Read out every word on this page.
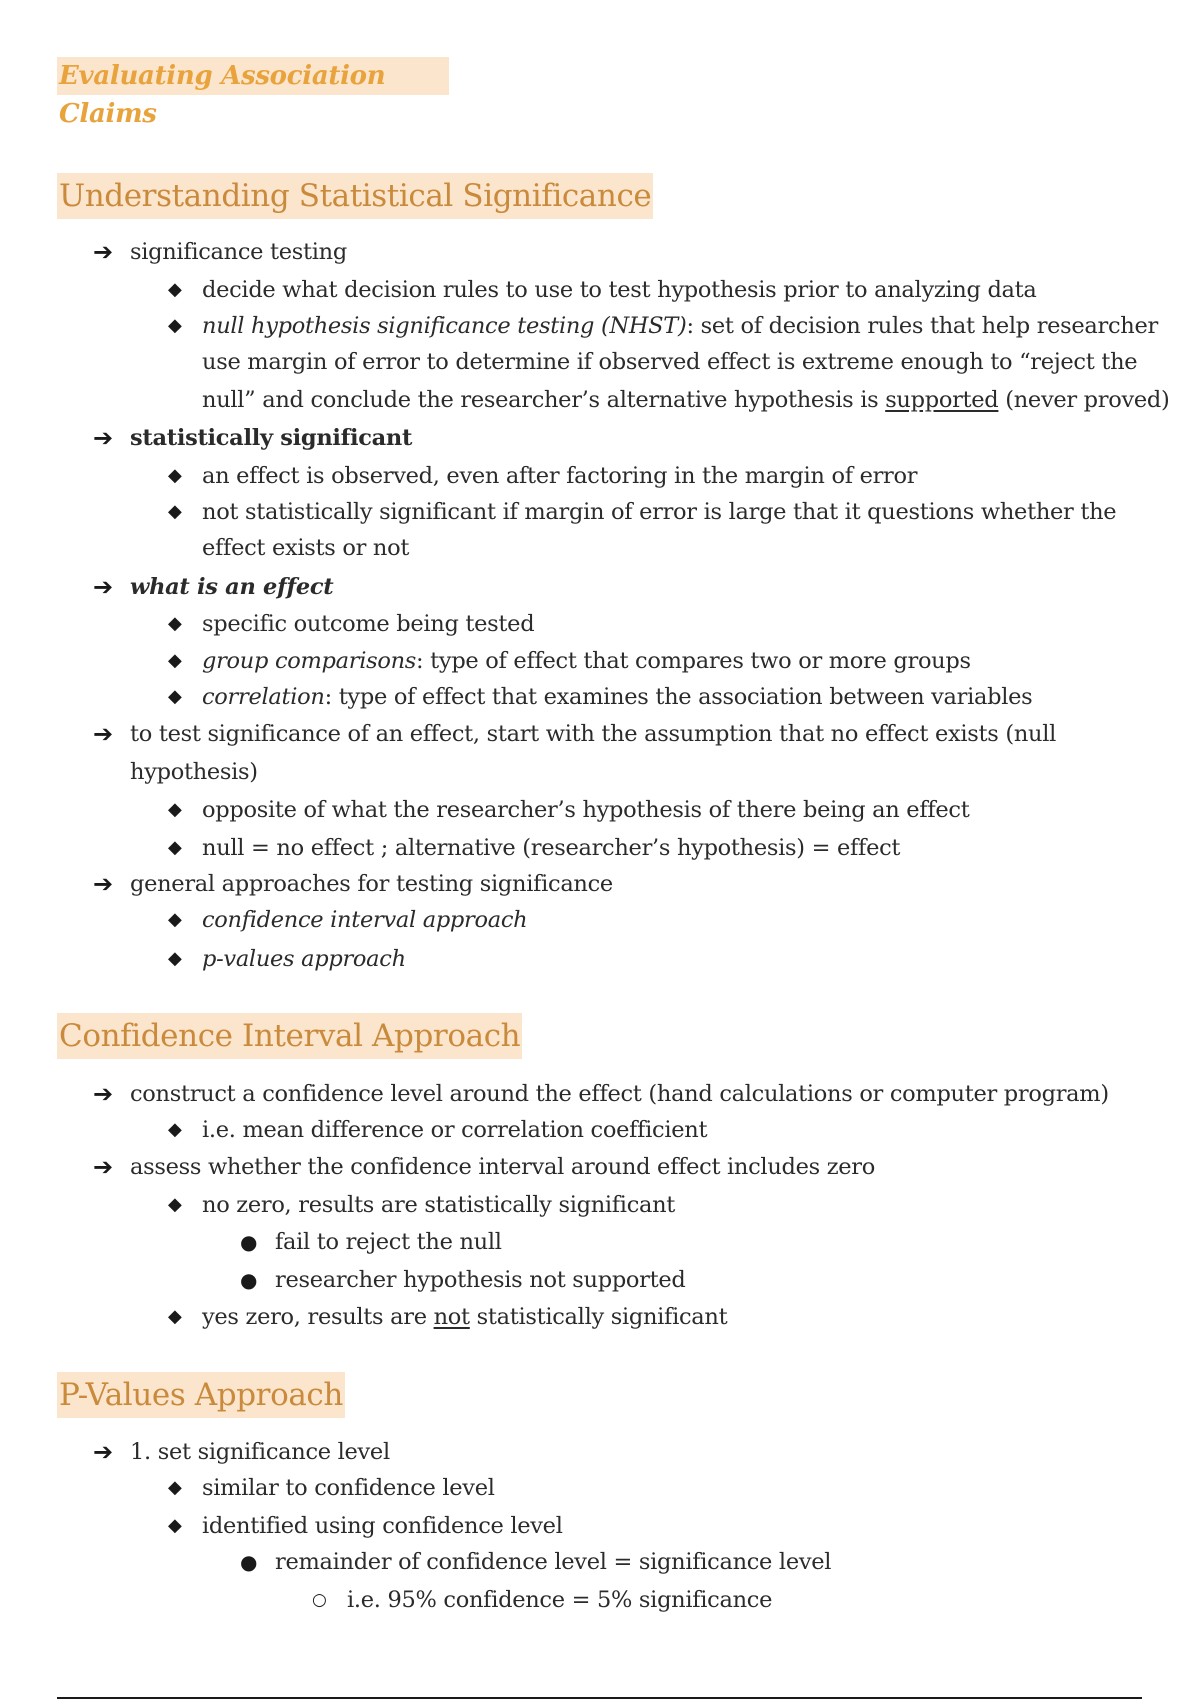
Evaluating Association Claims
Understanding Statistical Significance
➔ significance testing
◆ decide what decision rules to use to test hypothesis prior to analyzing data
◆ null hypothesis significance testing (NHST): set of decision rules that help researcher
use margin of error to determine if observed effect is extreme enough to “reject the
null” and conclude the researcher’s alternative hypothesis is supported (never proved)
➔ statistically significant
◆ an effect is observed, even after factoring in the margin of error
◆ not statistically significant if margin of error is large that it questions whether the
effect exists or not
➔ what is an effect
◆ specific outcome being tested
◆ group comparisons: type of effect that compares two or more groups
◆ correlation: type of effect that examines the association between variables
➔ to test significance of an effect, start with the assumption that no effect exists (null
hypothesis)
◆ opposite of what the researcher’s hypothesis of there being an effect
◆ null = no effect ; alternative (researcher’s hypothesis) = effect
➔ general approaches for testing significance
◆ confidence interval approach
◆ p-values approach
Confidence Interval Approach
➔ construct a confidence level around the effect (hand calculations or computer program)
◆ i.e. mean difference or correlation coefficient
➔ assess whether the confidence interval around effect includes zero
◆ no zero, results are statistically significant
● fail to reject the null
● researcher hypothesis not supported
◆ yes zero, results are not statistically significant
P-Values Approach
➔ 1. set significance level
◆ similar to confidence level
◆ identified using confidence level
● remainder of confidence level = significance level
○ i.e. 95% confidence = 5% significance
